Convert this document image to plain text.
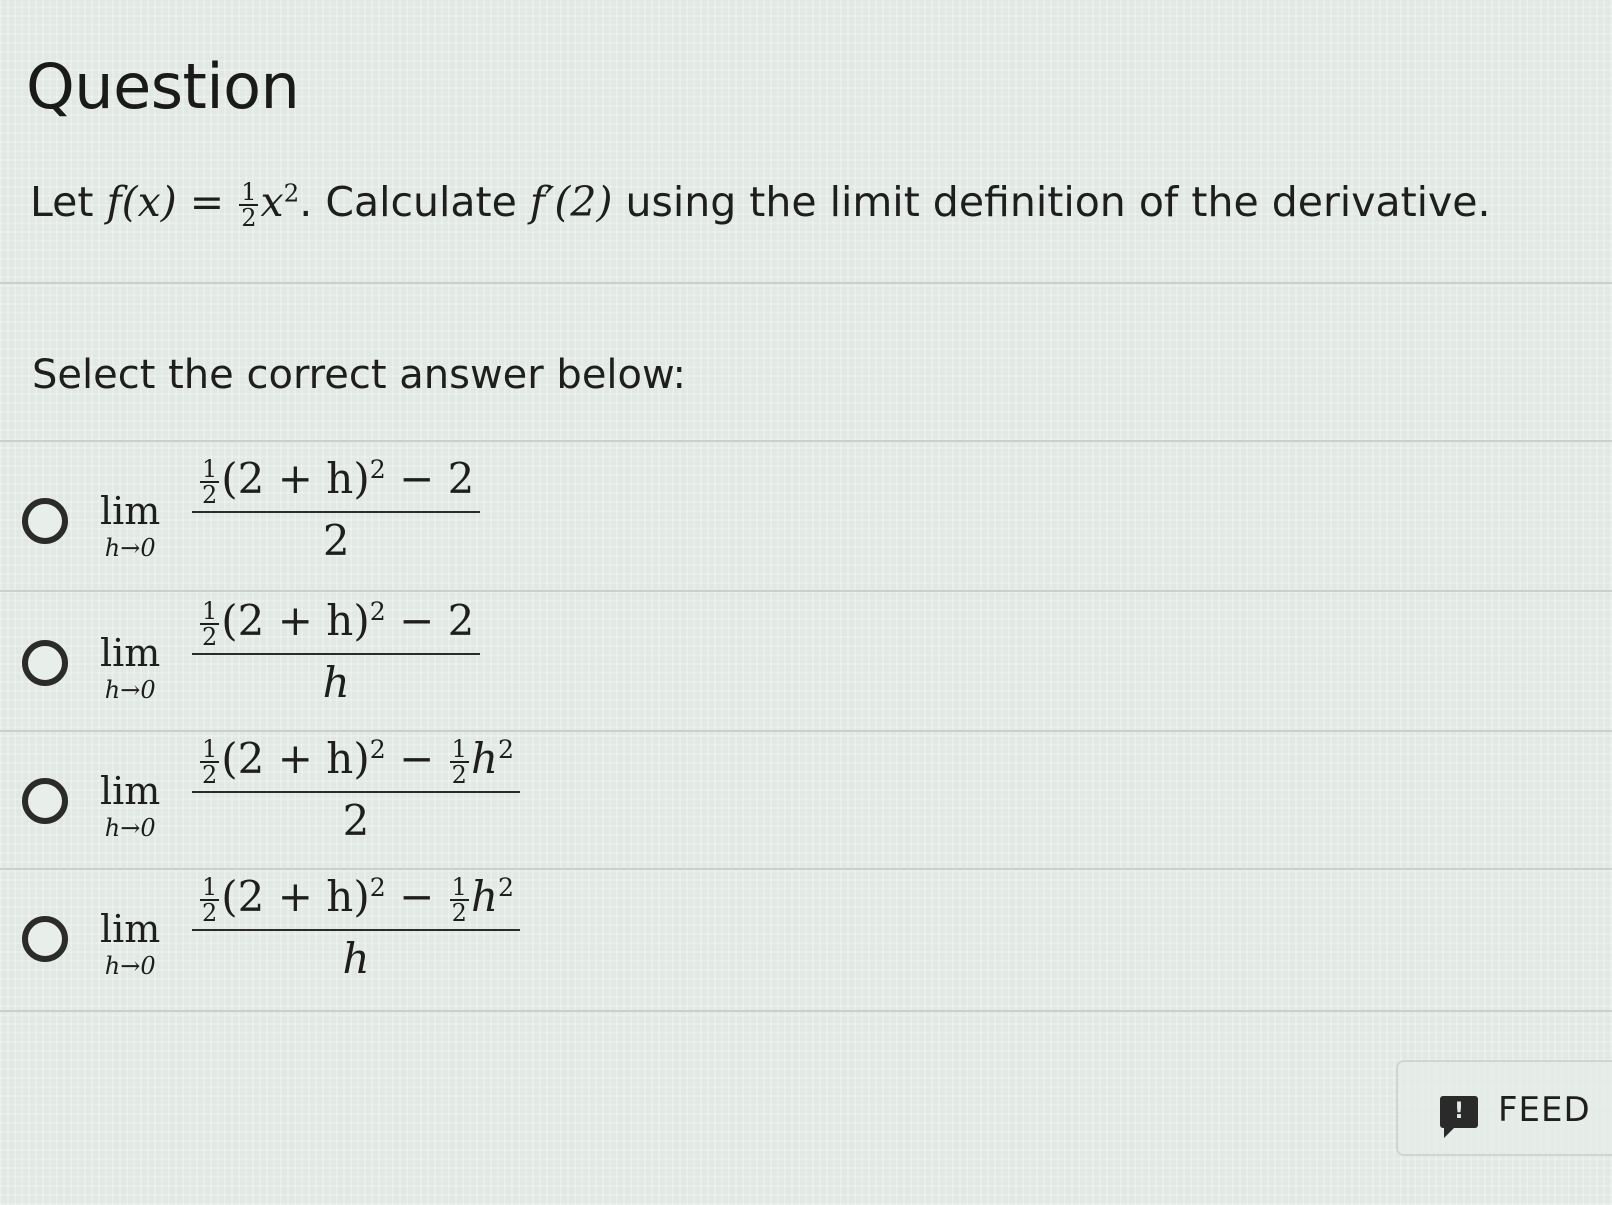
Question
Let $f(x) = \frac{1}{2} x^2$. Calculate f′(2) using the limit definition of the derivative.
Select the correct answer below:
lim
$h\to 0 \frac{\frac{1}{2} (2 + h)^2 - 2}{2}$
lim
$h\to 0 \frac{\frac{1}{2} (2 + h)^2 - 2}{h}$
lim
$h\to 0 \frac{\frac{1}{2} (2 + h)^2 - \frac{1}{2} h^2}{2}$
lim
$h\to 0 \frac{\frac{1}{2} (2 + h)^2 - \frac{1}{2} h^2}{h}$
! FEED
